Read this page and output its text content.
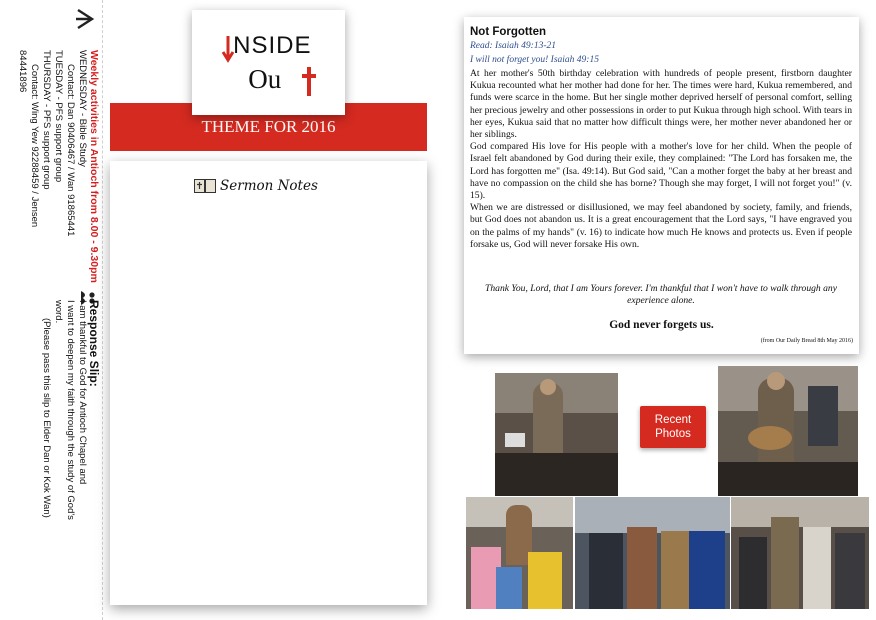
Weekly activities in Antioch from 8.00 - 9.30pm
WEDNESDAY - Bible Study
Contact: Dan 90406467 / Wan 91865441
TUESDAY - PFS support group
THURSDAY - PFS support group
Contact: Wing Yew 92288459 / Jensen
84441896
Response Slip:
I am thankful to God for Antioch Chapel and
I want to deepen my faith through the study of God's
word.
(Please pass this slip to Elder Dan or Kok Wan)
Sermon Notes
THEME FOR 2016
NSIDE
Ou
Not Forgotten
Read: Isaiah 49:13-21
I will not forget you! Isaiah 49:15

At her mother's 50th birthday celebration with hundreds of people present, firstborn daughter Kukua recounted what her mother had done for her. The times were hard, Kukua remembered, and funds were scarce in the home. But her single mother deprived herself of personal comfort, selling her precious jewelry and other possessions in order to put Kukua through high school. With tears in her eyes, Kukua said that no matter how difficult things were, her mother never abandoned her or her siblings.

God compared His love for His people with a mother's love for her child. When the people of Israel felt abandoned by God during their exile, they complained: "The Lord has forsaken me, the Lord has forgotten me" (Isa. 49:14). But God said, "Can a mother forget the baby at her breast and have no compassion on the child she has borne? Though she may forget, I will not forget you!" (v. 15).

When we are distressed or disillusioned, we may feel abandoned by society, family, and friends, but God does not abandon us. It is a great encouragement that the Lord says, "I have engraved you on the palms of my hands" (v. 16) to indicate how much He knows and protects us. Even if people forsake us, God will never forsake His own.

Thank You, Lord, that I am Yours forever. I'm thankful that I won't have to walk through any experience alone.
God never forgets us.
(from Our Daily Bread 8th May 2016)
Recent
Photos
